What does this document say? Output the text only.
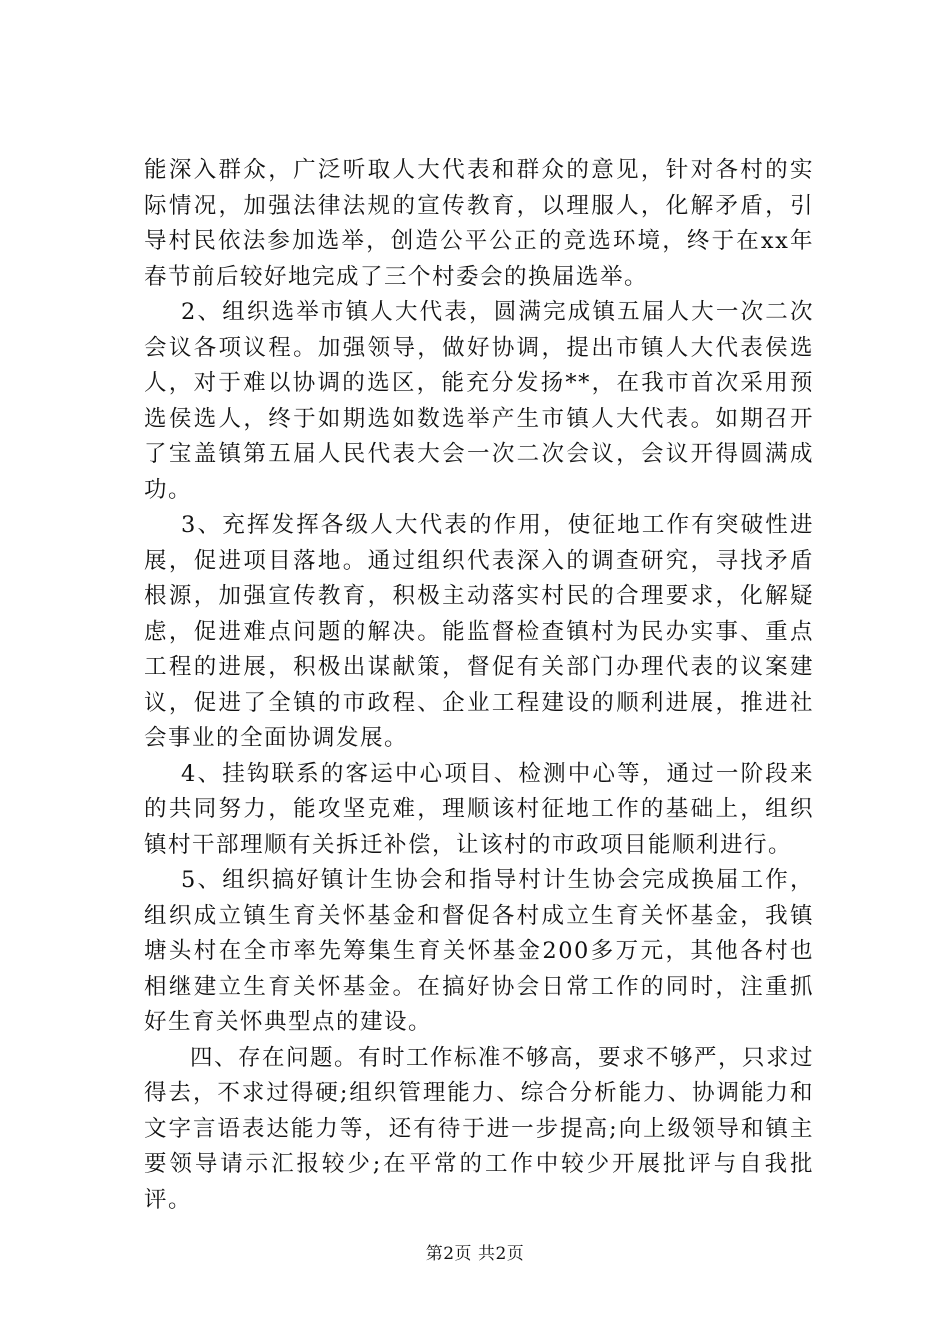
能深入群众，广泛听取人大代表和群众的意见，针对各村的实际情况，加强法律法规的宣传教育，以理服人，化解矛盾，引导村民依法参加选举，创造公平公正的竞选环境，终于在xx年春节前后较好地完成了三个村委会的换届选举。

2、组织选举市镇人大代表，圆满完成镇五届人大一次二次会议各项议程。加强领导，做好协调，提出市镇人大代表侯选人，对于难以协调的选区，能充分发扬**，在我市首次采用预选侯选人，终于如期选如数选举产生市镇人大代表。如期召开了宝盖镇第五届人民代表大会一次二次会议，会议开得圆满成功。

3、充挥发挥各级人大代表的作用，使征地工作有突破性进展，促进项目落地。通过组织代表深入的调查研究，寻找矛盾根源，加强宣传教育，积极主动落实村民的合理要求，化解疑虑，促进难点问题的解决。能监督检查镇村为民办实事、重点工程的进展，积极出谋献策，督促有关部门办理代表的议案建议，促进了全镇的市政程、企业工程建设的顺利进展，推进社会事业的全面协调发展。

4、挂钩联系的客运中心项目、检测中心等，通过一阶段来的共同努力，能攻坚克难，理顺该村征地工作的基础上，组织镇村干部理顺有关拆迁补偿，让该村的市政项目能顺利进行。

5、组织搞好镇计生协会和指导村计生协会完成换届工作，组织成立镇生育关怀基金和督促各村成立生育关怀基金，我镇塘头村在全市率先筹集生育关怀基金200多万元，其他各村也相继建立生育关怀基金。在搞好协会日常工作的同时，注重抓好生育关怀典型点的建设。

四、存在问题。有时工作标准不够高，要求不够严，只求过得去，不求过得硬;组织管理能力、综合分析能力、协调能力和文字言语表达能力等，还有待于进一步提高;向上级领导和镇主要领导请示汇报较少;在平常的工作中较少开展批评与自我批评。

第2页 共2页
